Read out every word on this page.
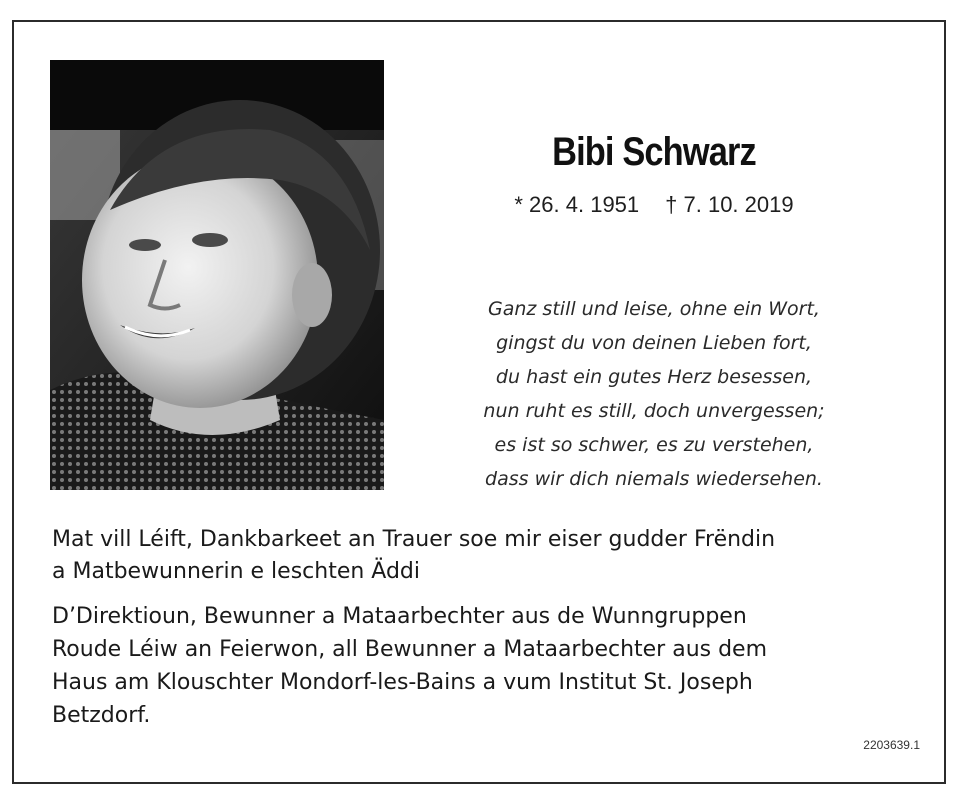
Bibi Schwarz
* 26. 4. 1951 † 7. 10. 2019
Ganz still und leise, ohne ein Wort,
gingst du von deinen Lieben fort,
du hast ein gutes Herz besessen,
nun ruht es still, doch unvergessen;
es ist so schwer, es zu verstehen,
dass wir dich niemals wiedersehen.
Mat vill Léift, Dankbarkeet an Trauer soe mir eiser gudder Frëndin
a Matbewunnerin e leschten Äddi
D’Direktioun, Bewunner a Mataarbechter aus de Wunngruppen
Roude Léiw an Feierwon, all Bewunner a Mataarbechter aus dem
Haus am Klouschter Mondorf-les-Bains a vum Institut St. Joseph
Betzdorf.
2203639.1
